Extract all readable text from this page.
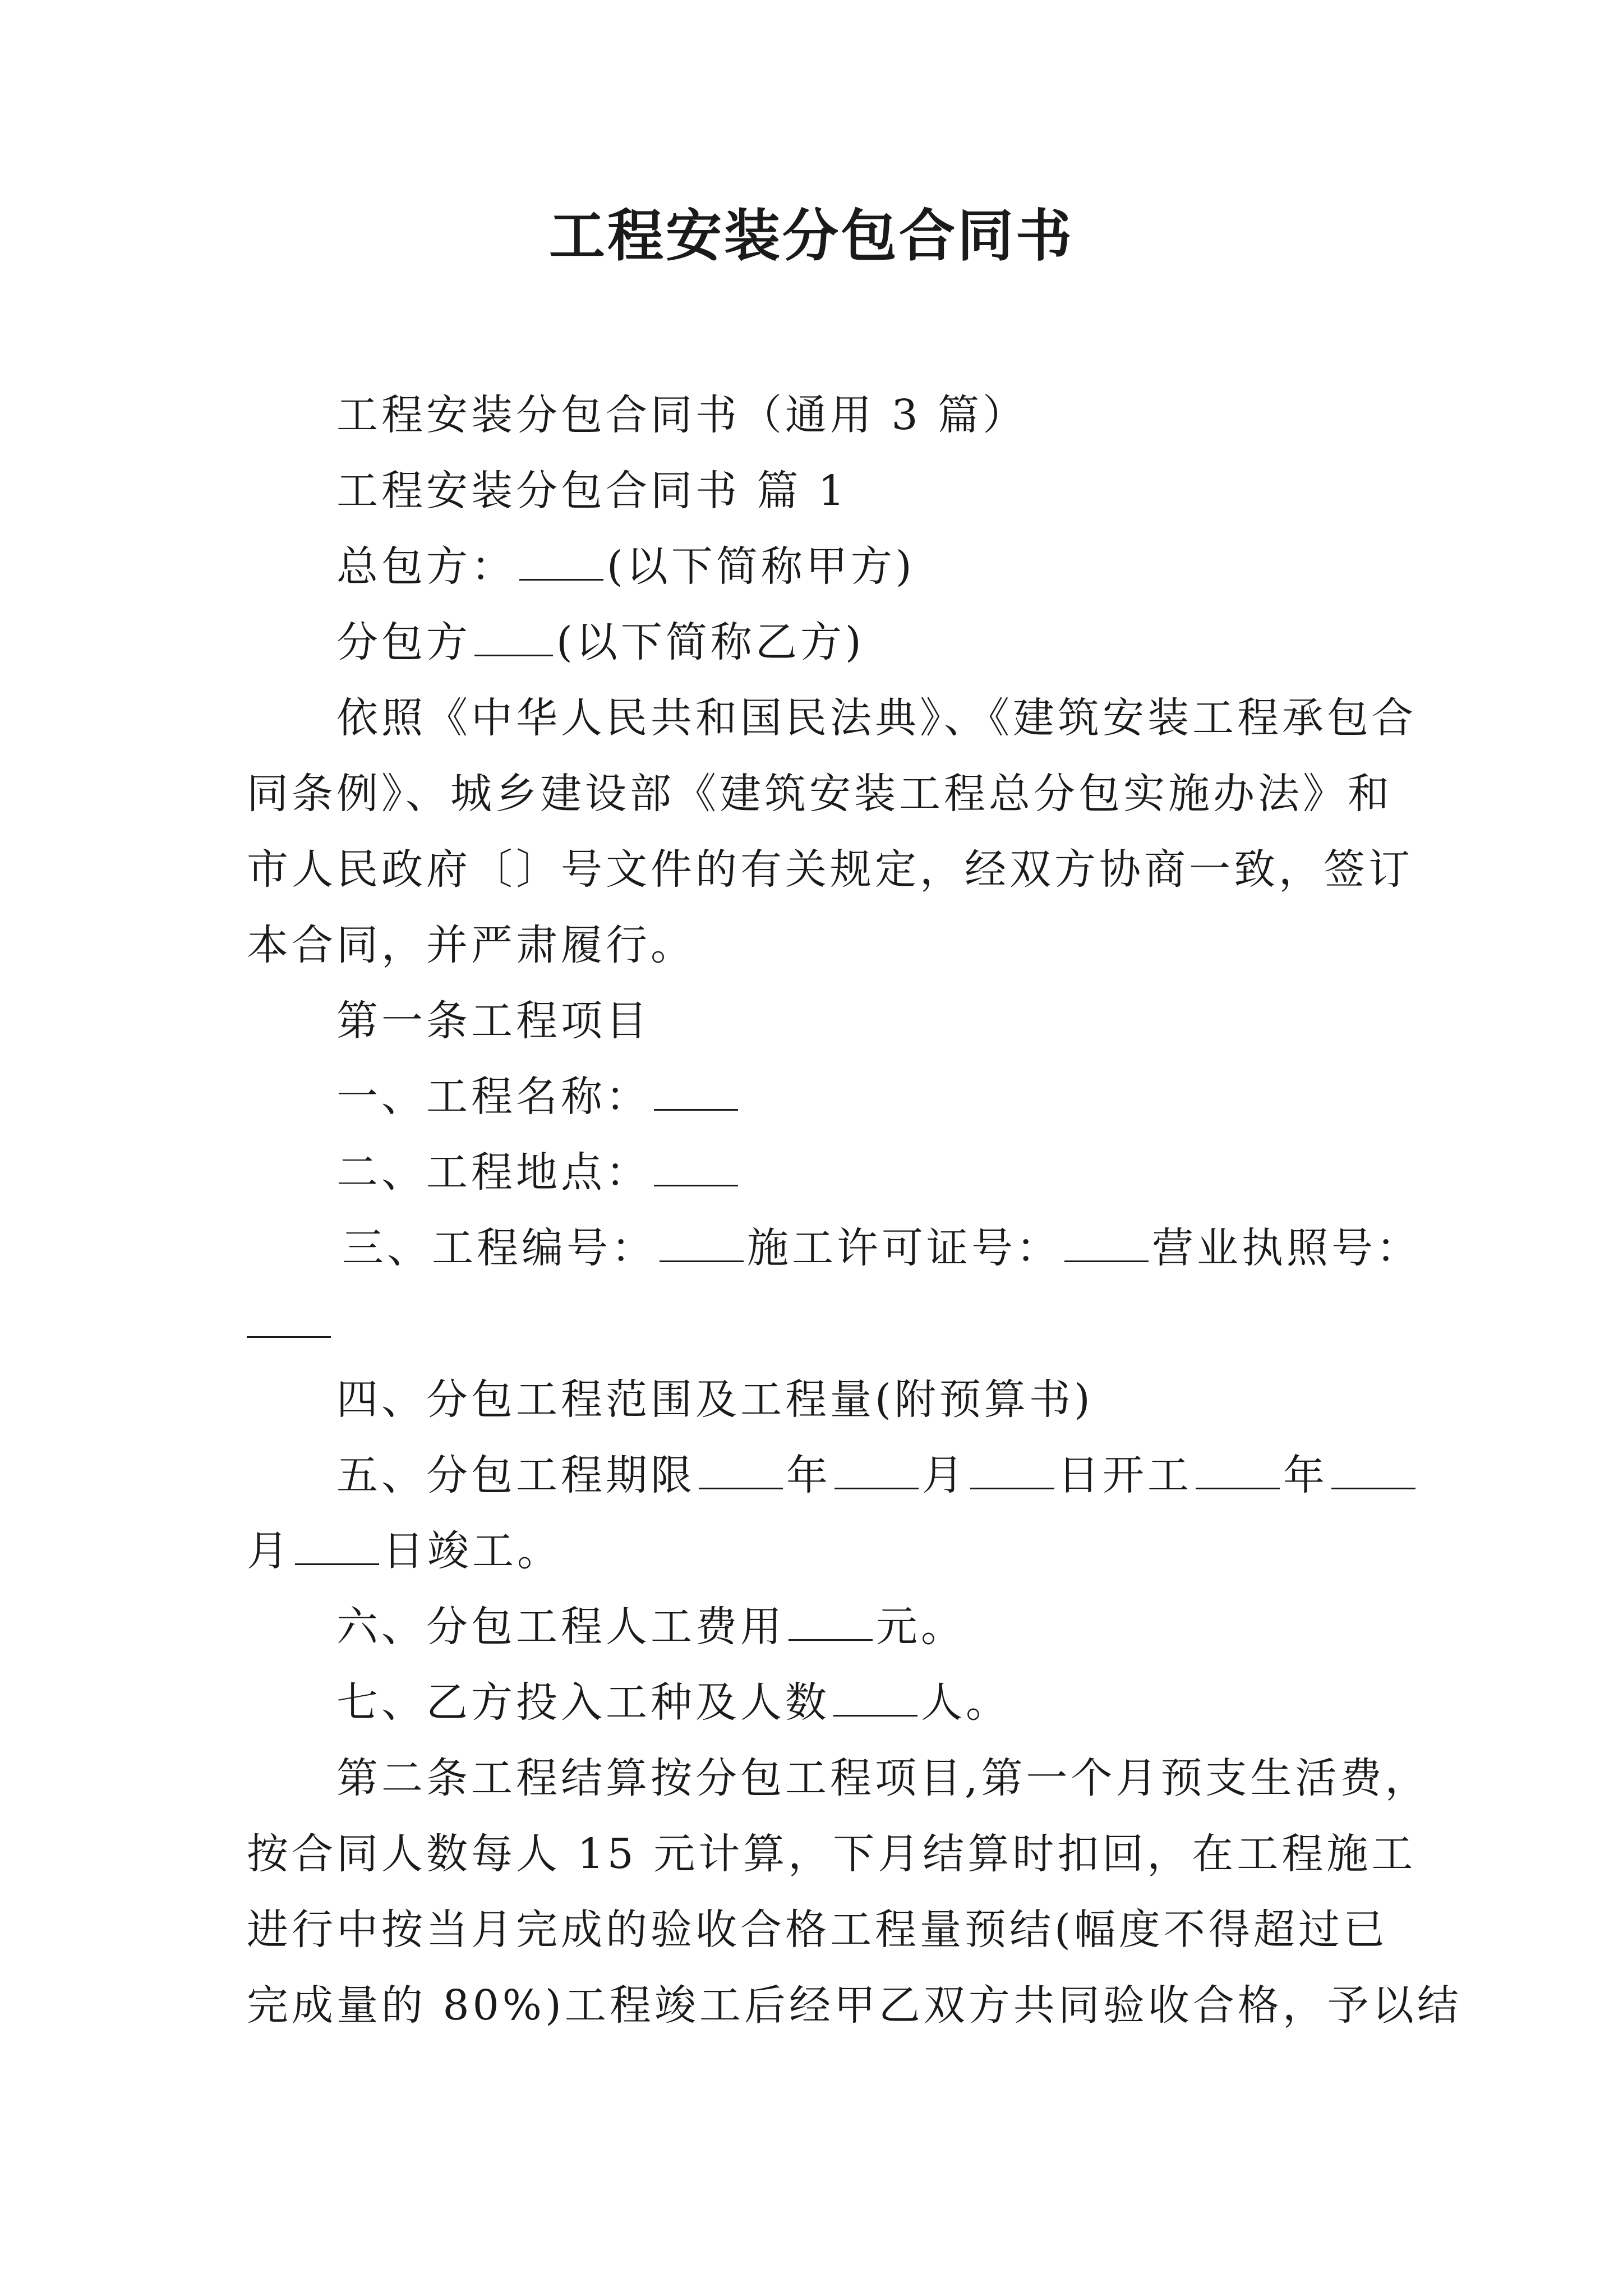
工程安装分包合同书
工程安装分包合同书（通用 3 篇）
工程安装分包合同书 篇 1
总包方： (以下简称甲方)
分包方 (以下简称乙方)
依照《中华人民共和国民法典》、《建筑安装工程承包合
同条例》、城乡建设部《建筑安装工程总分包实施办法》和
市人民政府〔〕号文件的有关规定，经双方协商一致，签订
本合同，并严肃履行。
第一条工程项目
一、工程名称：
二、工程地点：
三、工程编号： 施工许可证号： 营业执照号：
四、分包工程范围及工程量(附预算书)
五、分包工程期限 年 月 日开工 年
月 日竣工。
六、分包工程人工费用 元。
七、乙方投入工种及人数 人。
第二条工程结算按分包工程项目,第一个月预支生活费，
按合同人数每人 15 元计算，下月结算时扣回，在工程施工
进行中按当月完成的验收合格工程量预结(幅度不得超过已
完成量的 80%)工程竣工后经甲乙双方共同验收合格，予以结
